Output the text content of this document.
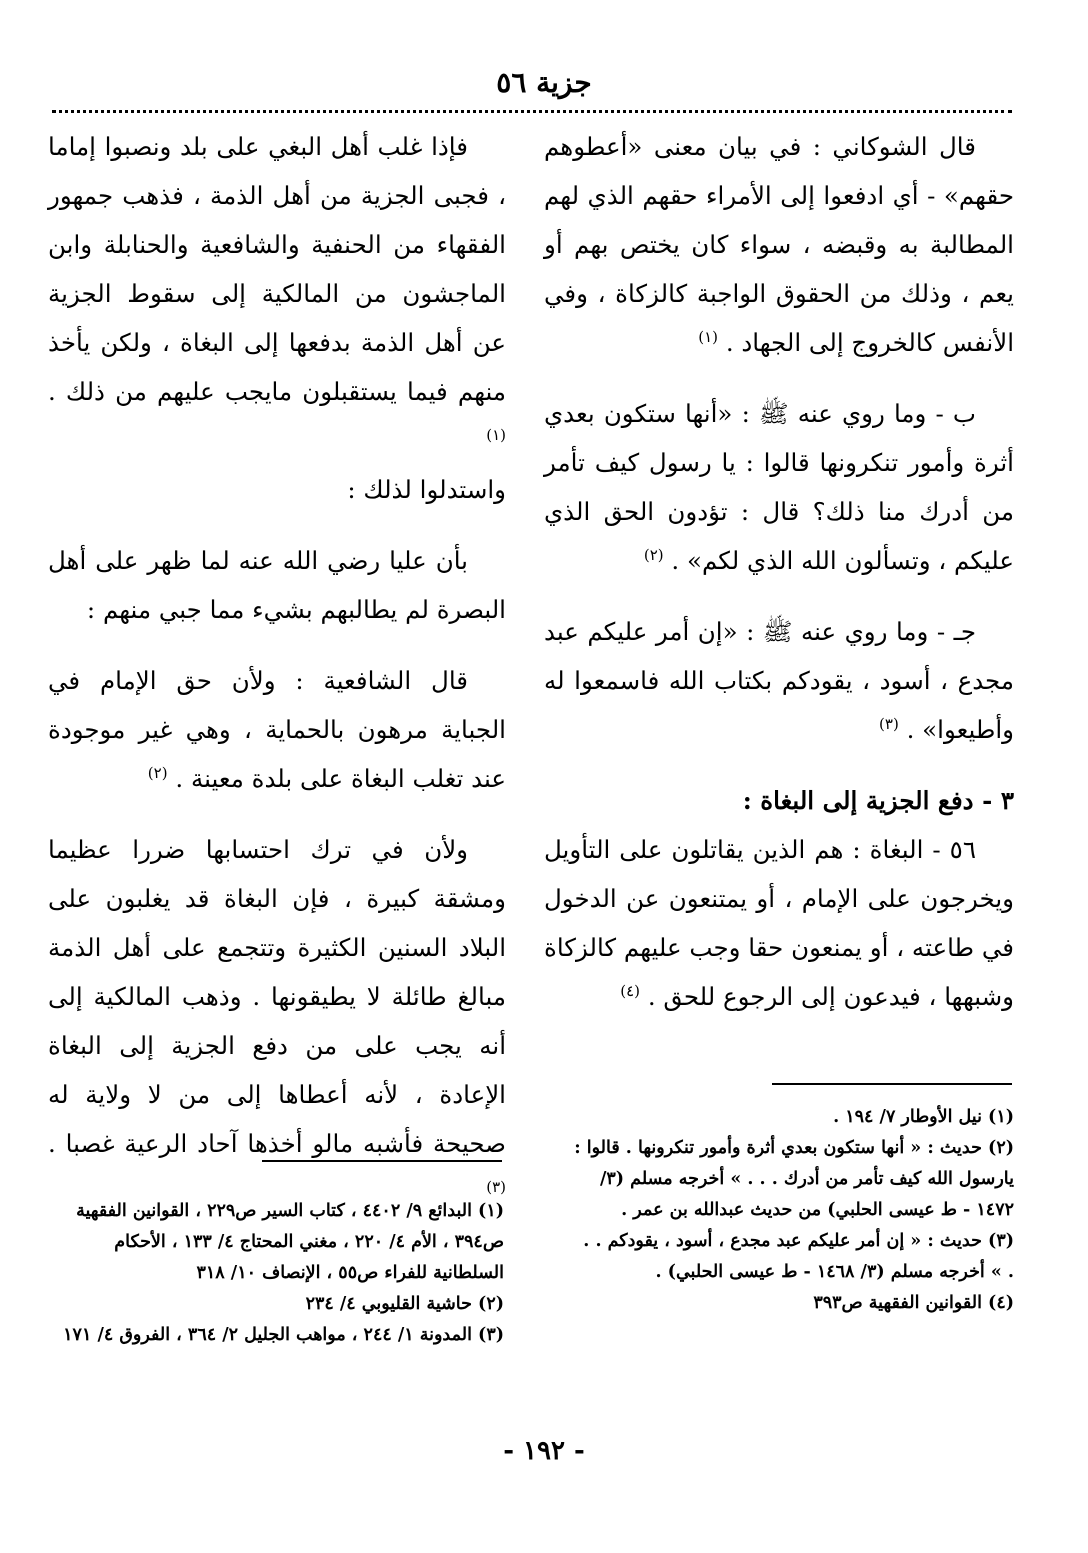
جزية ٥٦

قال الشوكاني : في بيان معنى «أعطوهم حقهم» - أي ادفعوا إلى الأمراء حقهم الذي لهم المطالبة به وقبضه ، سواء كان يختص بهم أو يعم ، وذلك من الحقوق الواجبة كالزكاة ، وفي الأنفس كالخروج إلى الجهاد . $^{(١)}$

ب - وما روي عنه ﷺ : «أنها ستكون بعدي أثرة وأمور تنكرونها قالوا : يا رسول كيف تأمر من أدرك منا ذلك؟ قال : تؤدون الحق الذي عليكم ، وتسألون الله الذي لكم» . $^{(٢)}$

جـ - وما روي عنه ﷺ : «إن أمر عليكم عبد مجدع ، أسود ، يقودكم بكتاب الله فاسمعوا له وأطيعوا» . $^{(٣)}$

٣ - دفع الجزية إلى البغاة :

٥٦ - البغاة : هم الذين يقاتلون على التأويل ويخرجون على الإمام ، أو يمتنعون عن الدخول في طاعته ، أو يمنعون حقا وجب عليهم كالزكاة وشبهها ، فيدعون إلى الرجوع للحق . $^{(٤)}$

فإذا غلب أهل البغي على بلد ونصبوا إماما ، فجبى الجزية من أهل الذمة ، فذهب جمهور الفقهاء من الحنفية والشافعية والحنابلة وابن الماجشون من المالكية إلى سقوط الجزية عن أهل الذمة بدفعها إلى البغاة ، ولكن يأخذ منهم فيما يستقبلون مايجب عليهم من ذلك . $^{(١)}$

واستدلوا لذلك :

بأن عليا رضي الله عنه لما ظهر على أهل البصرة لم يطالبهم بشيء مما جبي منهم :

قال الشافعية : ولأن حق الإمام في الجباية مرهون بالحماية ، وهي غير موجودة عند تغلب البغاة على بلدة معينة . $^{(٢)}$

ولأن في ترك احتسابها ضررا عظيما ومشقة كبيرة ، فإن البغاة قد يغلبون على البلاد السنين الكثيرة وتتجمع على أهل الذمة مبالغ طائلة لا يطيقونها . وذهب المالكية إلى أنه يجب على من دفع الجزية إلى البغاة الإعادة ، لأنه أعطاها إلى من لا ولاية له صحيحة فأشبه مالو أخذها آحاد الرعية غصبا . $^{(٣)}$

(١) نيل الأوطار ٧/ ١٩٤ .

(٢) حديث : « أنها ستكون بعدي أثرة وأمور تنكرونها . قالوا : يارسول الله كيف تأمر من أدرك . . . » أخرجه مسلم (٣/ ١٤٧٢ - ط عيسى الحلبي) من حديث عبدالله بن عمر .

(٣) حديث : « إن أمر عليكم عبد مجدع ، أسود ، يقودكم . . . » أخرجه مسلم (٣/ ١٤٦٨ - ط عيسى الحلبي) .

(٤) القوانين الفقهية ص٣٩٣

(١) البدائع ٩/ ٤٤٠٢ ، كتاب السير ص٢٢٩ ، القوانين الفقهية ص٣٩٤ ، الأم ٤/ ٢٢٠ ، مغني المحتاج ٤/ ١٣٣ ، الأحكام السلطانية للفراء ص٥٥ ، الإنصاف ١٠/ ٣١٨

(٢) حاشية القليوبي ٤/ ٢٣٤

(٣) المدونة ١/ ٢٤٤ ، مواهب الجليل ٢/ ٣٦٤ ، الفروق ٤/ ١٧١

- ١٩٢ -
